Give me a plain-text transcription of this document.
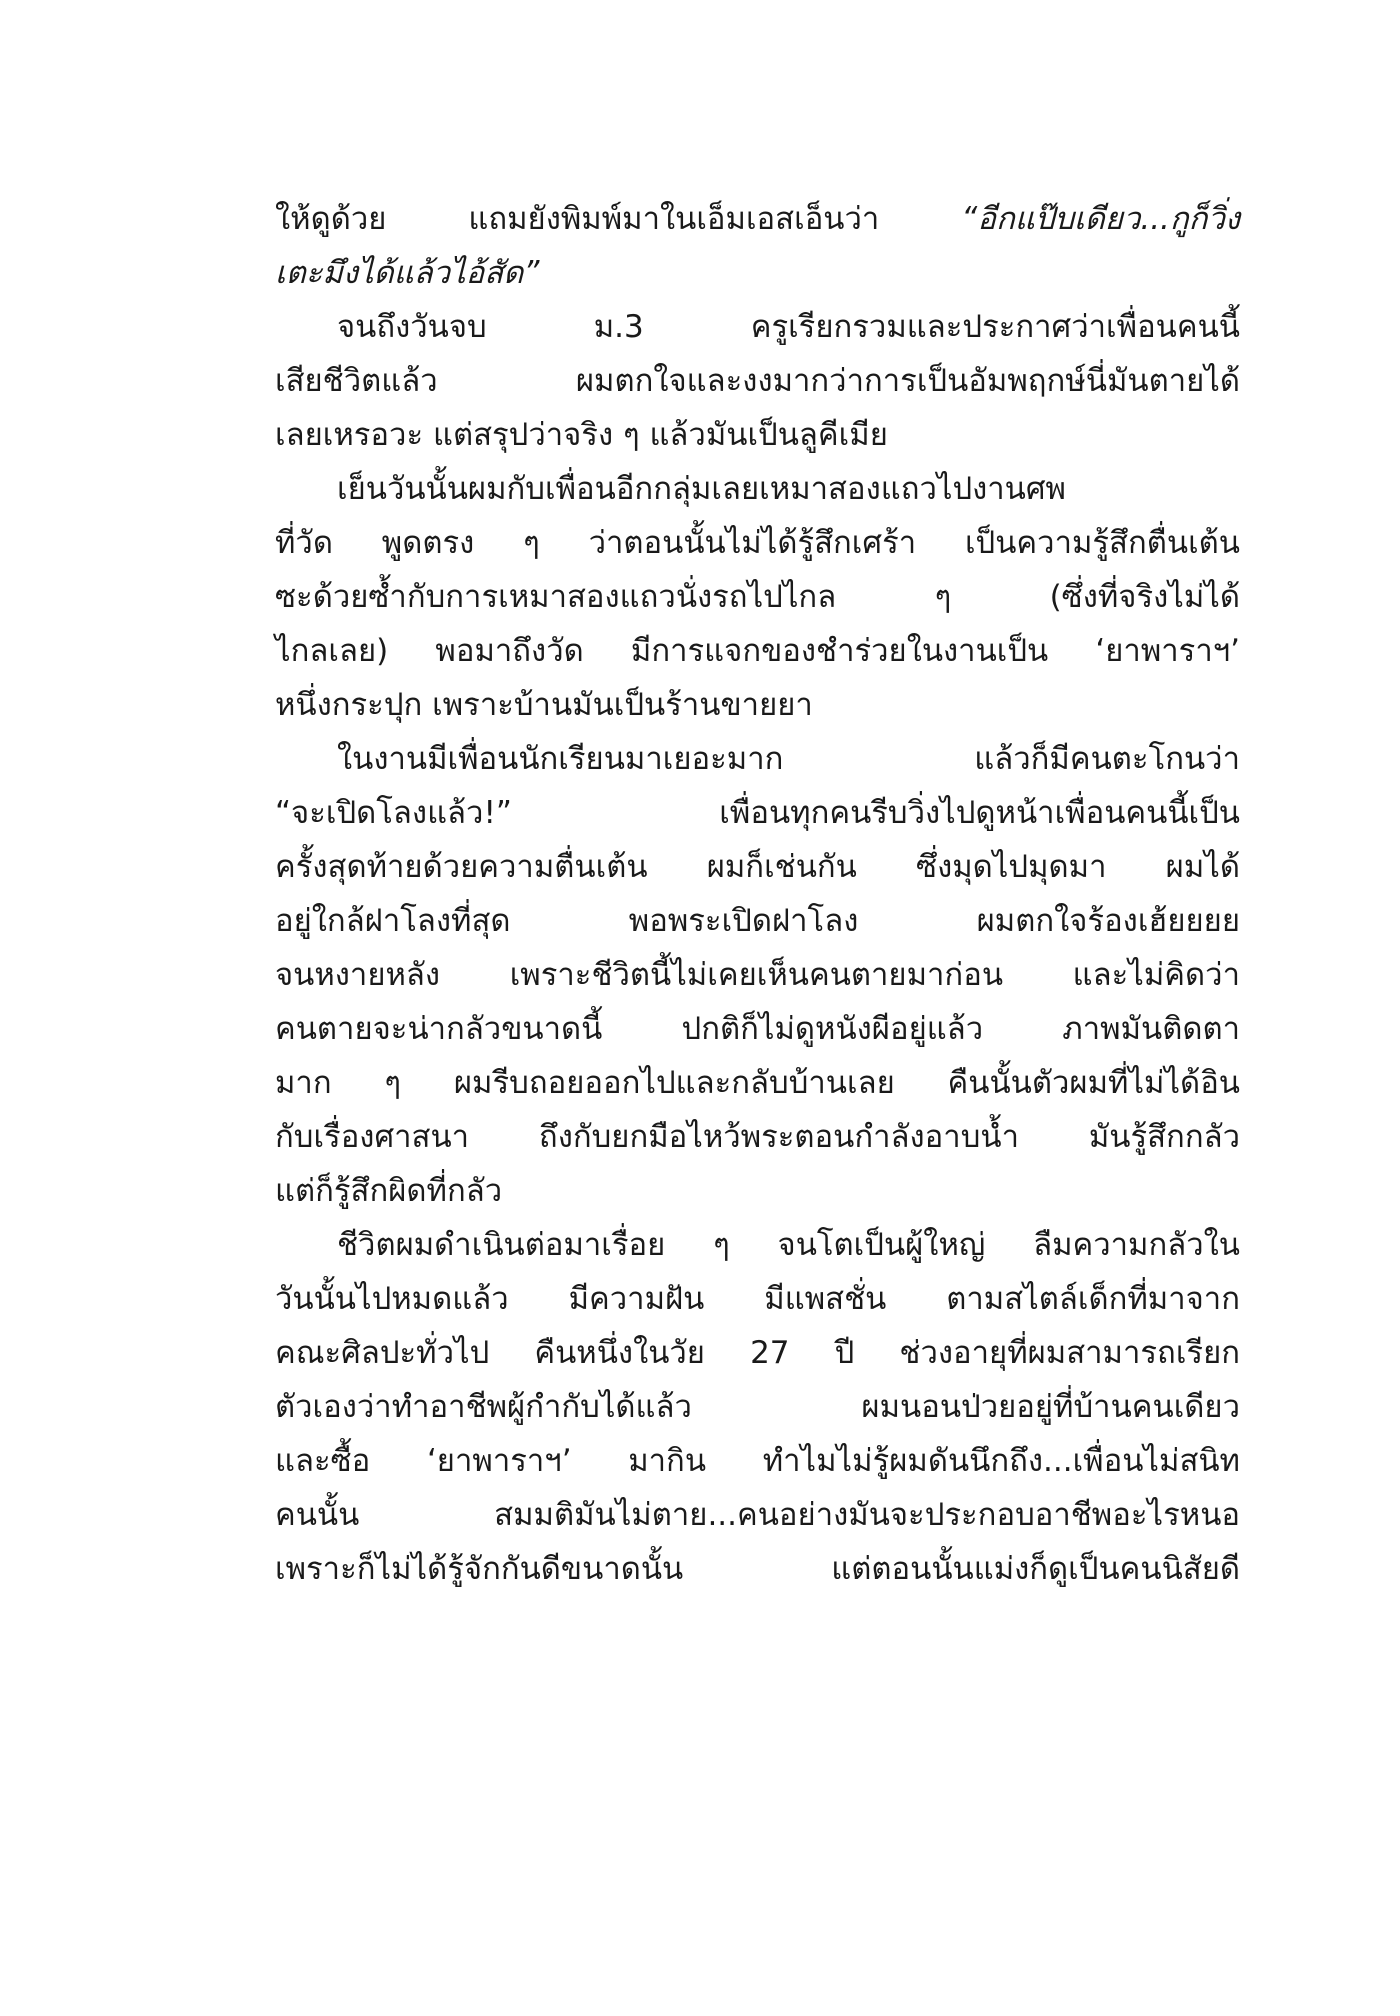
ให้ดูด้วย แถมยังพิมพ์มาในเอ็มเอสเอ็นว่า “อีกแป๊บเดียว...กูก็วิ่ง
เตะมึงได้แล้วไอ้สัด”
จนถึงวันจบ ม.3 ครูเรียกรวมและประกาศว่าเพื่อนคนนี้
เสียชีวิตแล้ว ผมตกใจและงงมากว่าการเป็นอัมพฤกษ์นี่มันตายได้
เลยเหรอวะ แต่สรุปว่าจริง ๆ แล้วมันเป็นลูคีเมีย
เย็นวันนั้นผมกับเพื่อนอีกกลุ่มเลยเหมาสองแถวไปงานศพ
ที่วัด พูดตรง ๆ ว่าตอนนั้นไม่ได้รู้สึกเศร้า เป็นความรู้สึกตื่นเต้น
ซะด้วยซ้ำกับการเหมาสองแถวนั่งรถไปไกล ๆ (ซึ่งที่จริงไม่ได้
ไกลเลย) พอมาถึงวัด มีการแจกของชำร่วยในงานเป็น ‘ยาพาราฯ’
หนึ่งกระปุก เพราะบ้านมันเป็นร้านขายยา
ในงานมีเพื่อนนักเรียนมาเยอะมาก แล้วก็มีคนตะโกนว่า
“จะเปิดโลงแล้ว!” เพื่อนทุกคนรีบวิ่งไปดูหน้าเพื่อนคนนี้เป็น
ครั้งสุดท้ายด้วยความตื่นเต้น ผมก็เช่นกัน ซึ่งมุดไปมุดมา ผมได้
อยู่ใกล้ฝาโลงที่สุด พอพระเปิดฝาโลง ผมตกใจร้องเฮ้ยยยย
จนหงายหลัง เพราะชีวิตนี้ไม่เคยเห็นคนตายมาก่อน และไม่คิดว่า
คนตายจะน่ากลัวขนาดนี้ ปกติก็ไม่ดูหนังผีอยู่แล้ว ภาพมันติดตา
มาก ๆ ผมรีบถอยออกไปและกลับบ้านเลย คืนนั้นตัวผมที่ไม่ได้อิน
กับเรื่องศาสนา ถึงกับยกมือไหว้พระตอนกำลังอาบน้ำ มันรู้สึกกลัว
แต่ก็รู้สึกผิดที่กลัว
ชีวิตผมดำเนินต่อมาเรื่อย ๆ จนโตเป็นผู้ใหญ่ ลืมความกลัวใน
วันนั้นไปหมดแล้ว มีความฝัน มีแพสชั่น ตามสไตล์เด็กที่มาจาก
คณะศิลปะทั่วไป คืนหนึ่งในวัย 27 ปี ช่วงอายุที่ผมสามารถเรียก
ตัวเองว่าทำอาชีพผู้กำกับได้แล้ว ผมนอนป่วยอยู่ที่บ้านคนเดียว
และซื้อ ‘ยาพาราฯ’ มากิน ทำไมไม่รู้ผมดันนึกถึง...เพื่อนไม่สนิท
คนนั้น สมมติมันไม่ตาย...คนอย่างมันจะประกอบอาชีพอะไรหนอ
เพราะก็ไม่ได้รู้จักกันดีขนาดนั้น แต่ตอนนั้นแม่งก็ดูเป็นคนนิสัยดี
